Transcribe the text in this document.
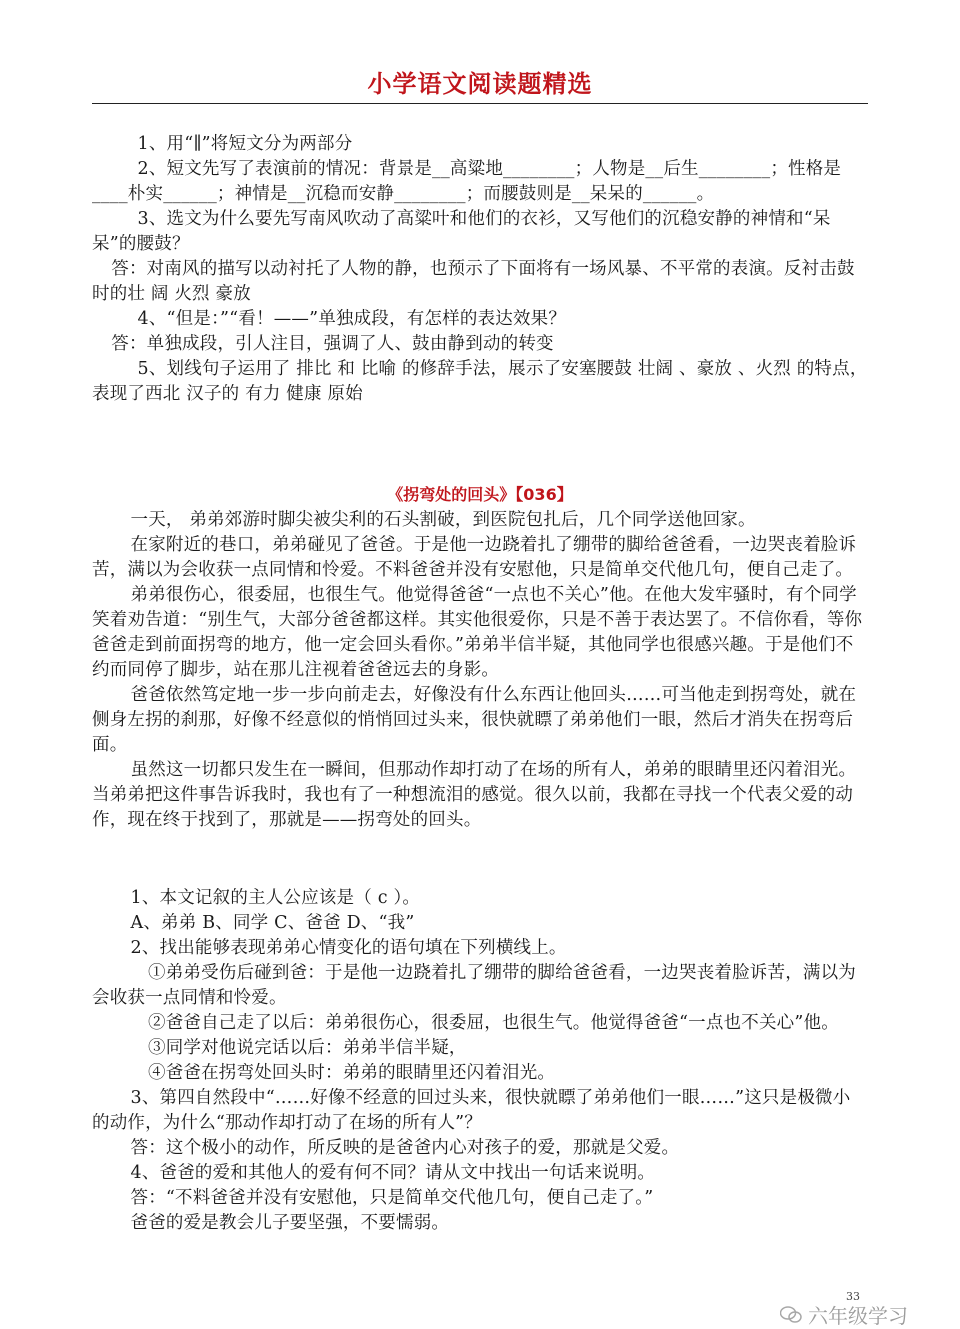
小学语文阅读题精选

1、用“∥”将短文分为两部分

2、短文先写了表演前的情况：背景是__高粱地________；人物是__后生________；性格是____朴实______；神情是__沉稳而安静________；而腰鼓则是__呆呆的______。

3、选文为什么要先写南风吹动了高粱叶和他们的衣衫，又写他们的沉稳安静的神情和“呆呆”的腰鼓？

答：对南风的描写以动衬托了人物的静，也预示了下面将有一场风暴、不平常的表演。反衬击鼓时的壮 阔 火烈 豪放

4、“但是：”“看！——”单独成段，有怎样的表达效果？

答：单独成段，引人注目，强调了人、鼓由静到动的转变

5、划线句子运用了 排比 和 比喻 的修辞手法，展示了安塞腰鼓 壮阔 、豪放 、火烈 的特点，表现了西北 汉子的 有力 健康 原始

《拐弯处的回头》【036】

一天， 弟弟郊游时脚尖被尖利的石头割破，到医院包扎后，几个同学送他回家。

在家附近的巷口，弟弟碰见了爸爸。于是他一边跷着扎了绷带的脚给爸爸看，一边哭丧着脸诉苦，满以为会收获一点同情和怜爱。不料爸爸并没有安慰他，只是简单交代他几句，便自己走了。

弟弟很伤心，很委屈，也很生气。他觉得爸爸“一点也不关心”他。在他大发牢骚时，有个同学笑着劝告道：“别生气，大部分爸爸都这样。其实他很爱你，只是不善于表达罢了。不信你看，等你爸爸走到前面拐弯的地方，他一定会回头看你。”弟弟半信半疑，其他同学也很感兴趣。于是他们不约而同停了脚步，站在那儿注视着爸爸远去的身影。

爸爸依然笃定地一步一步向前走去，好像没有什么东西让他回头……可当他走到拐弯处，就在侧身左拐的刹那，好像不经意似的悄悄回过头来，很快就瞟了弟弟他们一眼，然后才消失在拐弯后面。

虽然这一切都只发生在一瞬间，但那动作却打动了在场的所有人，弟弟的眼睛里还闪着泪光。当弟弟把这件事告诉我时，我也有了一种想流泪的感觉。很久以前，我都在寻找一个代表父爱的动作，现在终于找到了，那就是——拐弯处的回头。

1、本文记叙的主人公应该是（ c ）。

A、弟弟 B、同学 C、爸爸 D、“我”

2、找出能够表现弟弟心情变化的语句填在下列横线上。

①弟弟受伤后碰到爸：于是他一边跷着扎了绷带的脚给爸爸看，一边哭丧着脸诉苦，满以为会收获一点同情和怜爱。

②爸爸自己走了以后：弟弟很伤心，很委屈，也很生气。他觉得爸爸“一点也不关心”他。

③同学对他说完话以后：弟弟半信半疑，

④爸爸在拐弯处回头时：弟弟的眼睛里还闪着泪光。

3、第四自然段中“……好像不经意的回过头来，很快就瞟了弟弟他们一眼……”这只是极微小的动作，为什么“那动作却打动了在场的所有人”？

答：这个极小的动作，所反映的是爸爸内心对孩子的爱，那就是父爱。

4、爸爸的爱和其他人的爱有何不同？请从文中找出一句话来说明。

答：“不料爸爸并没有安慰他，只是简单交代他几句，便自己走了。”

爸爸的爱是教会儿子要坚强，不要懦弱。

33
六年级学习
